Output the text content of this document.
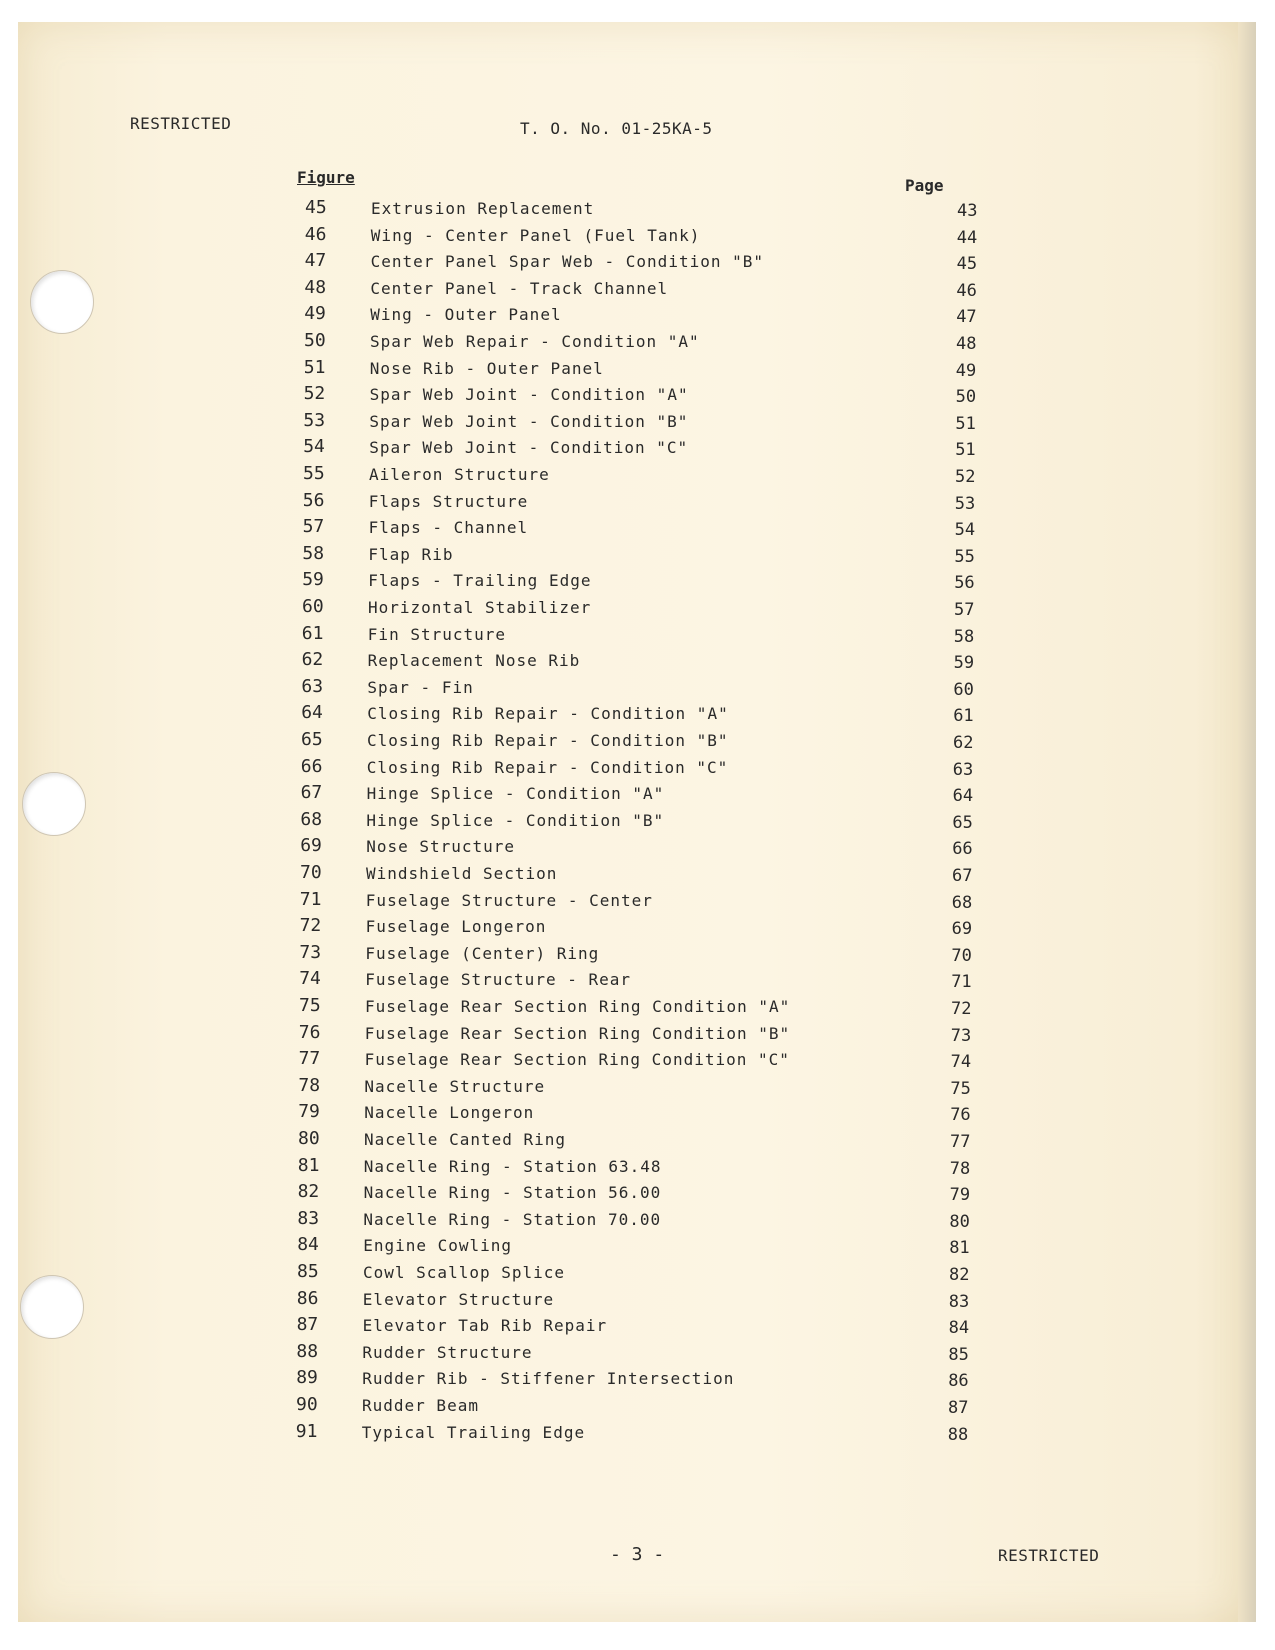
RESTRICTED	T. O. No. 01-25KA-5
Figure	Page
45	Extrusion Replacement	43
46	Wing - Center Panel (Fuel Tank)	44
47	Center Panel Spar Web - Condition "B"	45
48	Center Panel - Track Channel	46
49	Wing - Outer Panel	47
50	Spar Web Repair - Condition "A"	48
51	Nose Rib - Outer Panel	49
52	Spar Web Joint - Condition "A"	50
53	Spar Web Joint - Condition "B"	51
54	Spar Web Joint - Condition "C"	51
55	Aileron Structure	52
56	Flaps Structure	53
57	Flaps - Channel	54
58	Flap Rib	55
59	Flaps - Trailing Edge	56
60	Horizontal Stabilizer	57
61	Fin Structure	58
62	Replacement Nose Rib	59
63	Spar - Fin	60
64	Closing Rib Repair - Condition "A"	61
65	Closing Rib Repair - Condition "B"	62
66	Closing Rib Repair - Condition "C"	63
67	Hinge Splice - Condition "A"	64
68	Hinge Splice - Condition "B"	65
69	Nose Structure	66
70	Windshield Section	67
71	Fuselage Structure - Center	68
72	Fuselage Longeron	69
73	Fuselage (Center) Ring	70
74	Fuselage Structure - Rear	71
75	Fuselage Rear Section Ring Condition "A"	72
76	Fuselage Rear Section Ring Condition "B"	73
77	Fuselage Rear Section Ring Condition "C"	74
78	Nacelle Structure	75
79	Nacelle Longeron	76
80	Nacelle Canted Ring	77
81	Nacelle Ring - Station 63.48	78
82	Nacelle Ring - Station 56.00	79
83	Nacelle Ring - Station 70.00	80
84	Engine Cowling	81
85	Cowl Scallop Splice	82
86	Elevator Structure	83
87	Elevator Tab Rib Repair	84
88	Rudder Structure	85
89	Rudder Rib - Stiffener Intersection	86
90	Rudder Beam	87
91	Typical Trailing Edge	88
- 3 -	RESTRICTED
